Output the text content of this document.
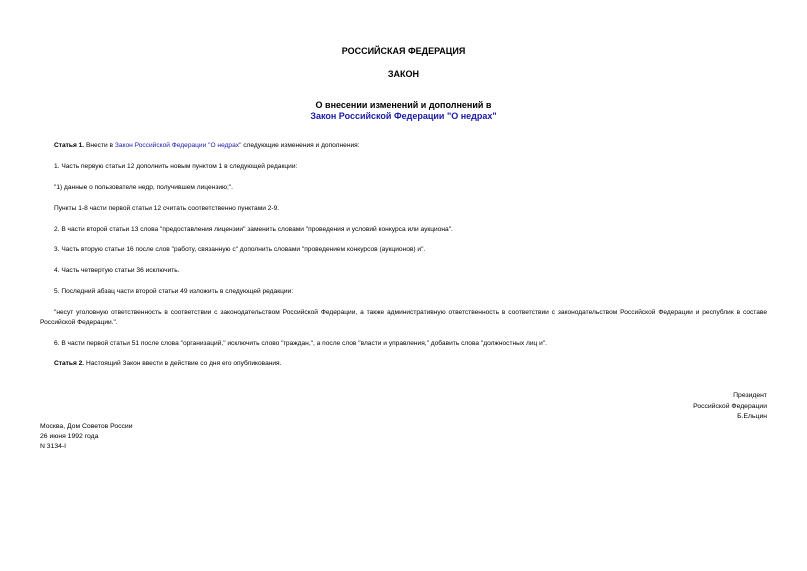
РОССИЙСКАЯ ФЕДЕРАЦИЯ
ЗАКОН
О внесении изменений и дополнений в
Закон Российской Федерации "О недрах"
Статья 1. Внести в Закон Российской Федерации "О недрах" следующие изменения и дополнения:
1. Часть первую статьи 12 дополнить новым пунктом 1 в следующей редакции:
"1) данные о пользователе недр, получившем лицензию;".
Пункты 1-8 части первой статьи 12 считать соответственно пунктами 2-9.
2. В части второй статьи 13 слова "предоставления лицензии" заменить словами "проведения и условий конкурса или аукциона".
3. Часть вторую статьи 16 после слов "работу, связанную с" дополнить словами "проведением конкурсов (аукционов) и".
4. Часть четвертую статьи 36 исключить.
5. Последний абзац части второй статьи 49 изложить в следующей редакции:
"несут уголовную ответственность в соответствии с законодательством Российской Федерации, а также административную ответственность в соответствии с законодательством Российской Федерации и республик в составе Российской Федерации.".
6. В части первой статьи 51 после слова "организаций," исключить слово "граждан,", а после слов "власти и управления," добавить слова "должностных лиц и".
Статья 2. Настоящий Закон ввести в действие со дня его опубликования.
Президент
Российской Федерации
Б.Ельцин
Москва, Дом Советов России
26 июня 1992 года
N 3134-I
